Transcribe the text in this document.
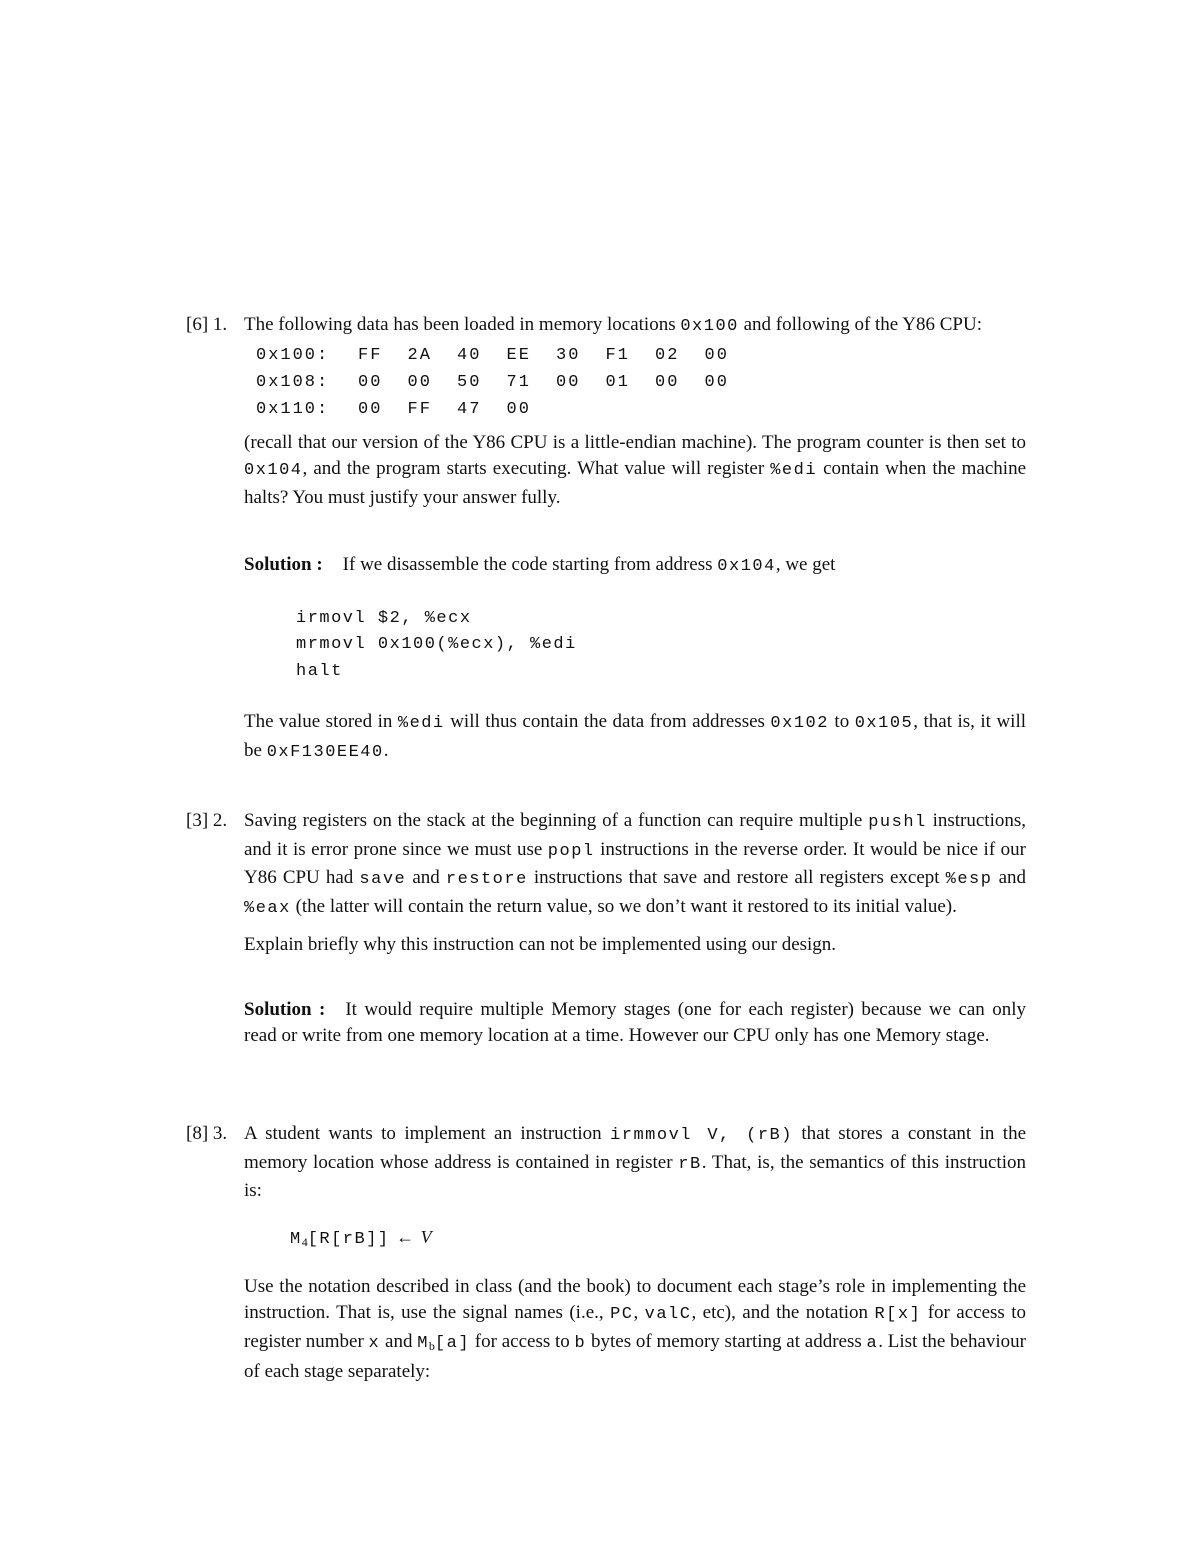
[6] 1. The following data has been loaded in memory locations 0x100 and following of the Y86 CPU:

0x100:	FF	2A	40	EE	30	F1	02	00
0x108:	00	00	50	71	00	01	00	00
0x110:	00	FF	47	00

(recall that our version of the Y86 CPU is a little-endian machine). The program counter is then set to 0x104, and the program starts executing. What value will register %edi contain when the machine halts? You must justify your answer fully.

Solution : If we disassemble the code starting from address 0x104, we get

irmovl $2, %ecx
mrmovl 0x100(%ecx), %edi
halt

The value stored in %edi will thus contain the data from addresses 0x102 to 0x105, that is, it will be 0xF130EE40.

[3] 2. Saving registers on the stack at the beginning of a function can require multiple pushl instructions, and it is error prone since we must use popl instructions in the reverse order. It would be nice if our Y86 CPU had save and restore instructions that save and restore all registers except %esp and %eax (the latter will contain the return value, so we don’t want it restored to its initial value).

Explain briefly why this instruction can not be implemented using our design.

Solution : It would require multiple Memory stages (one for each register) because we can only read or write from one memory location at a time. However our CPU only has one Memory stage.

[8] 3. A student wants to implement an instruction irmmovl V, (rB) that stores a constant in the memory location whose address is contained in register rB. That, is, the semantics of this instruction is:

$M_4[R[rB]]$ ← V

Use the notation described in class (and the book) to document each stage’s role in implementing the instruction. That is, use the signal names (i.e., PC, valC, etc), and the notation R[x] for access to register number x and $M_b[a]$ for access to b bytes of memory starting at address a. List the behaviour of each stage separately:
